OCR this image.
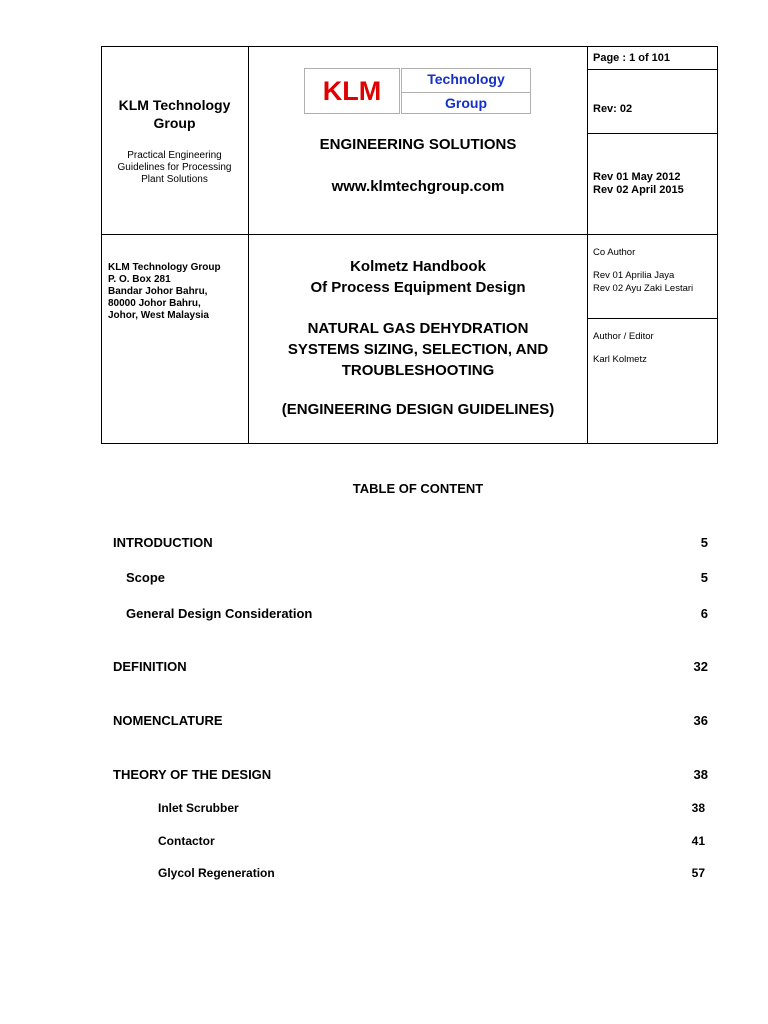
KLM Technology Group
Practical Engineering Guidelines for Processing Plant Solutions
KLM	Technology
Group
ENGINEERING SOLUTIONS
www.klmtechgroup.com
Page : 1 of 101
Rev: 02
Rev 01 May 2012
Rev 02 April 2015
KLM Technology Group
P. O. Box 281
Bandar Johor Bahru,
80000 Johor Bahru,
Johor, West Malaysia
Kolmetz Handbook
Of Process Equipment Design
NATURAL GAS DEHYDRATION
SYSTEMS SIZING, SELECTION, AND
TROUBLESHOOTING
(ENGINEERING DESIGN GUIDELINES)
Co Author
Rev 01 Aprilia Jaya
Rev 02 Ayu Zaki Lestari
Author / Editor
Karl Kolmetz
TABLE OF CONTENT
INTRODUCTION	5
Scope	5
General Design Consideration	6
DEFINITION	32
NOMENCLATURE	36
THEORY OF THE DESIGN	38
Inlet Scrubber	38
Contactor	41
Glycol Regeneration	57
